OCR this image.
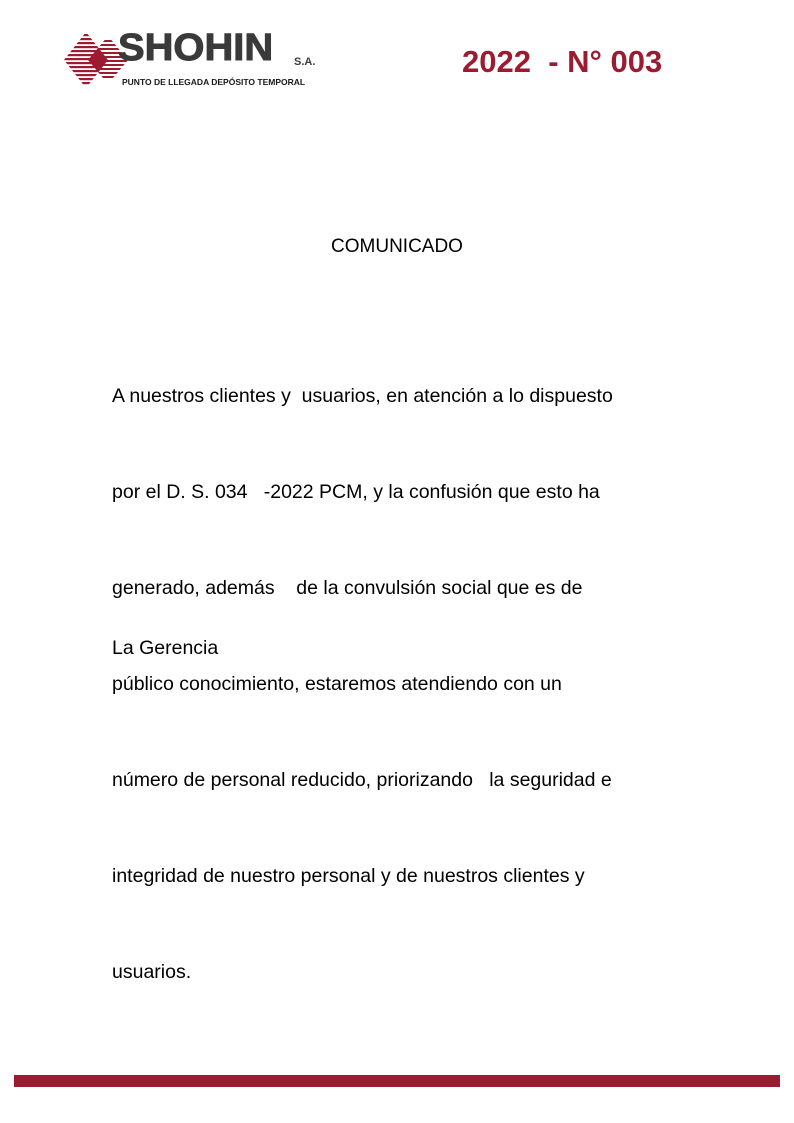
SHOHIN S.A.
PUNTO DE LLEGADA DEPÓSITO TEMPORAL
2022  - N° 003
COMUNICADO

A nuestros clientes y  usuarios, en atención a lo dispuesto

por el D. S. 034   -2022 PCM, y la confusión que esto ha

generado, además    de la convulsión social que es de

público conocimiento, estaremos atendiendo con un

número de personal reducido, priorizando   la seguridad e

integridad de nuestro personal y de nuestros clientes y

usuarios.

La Gerencia
